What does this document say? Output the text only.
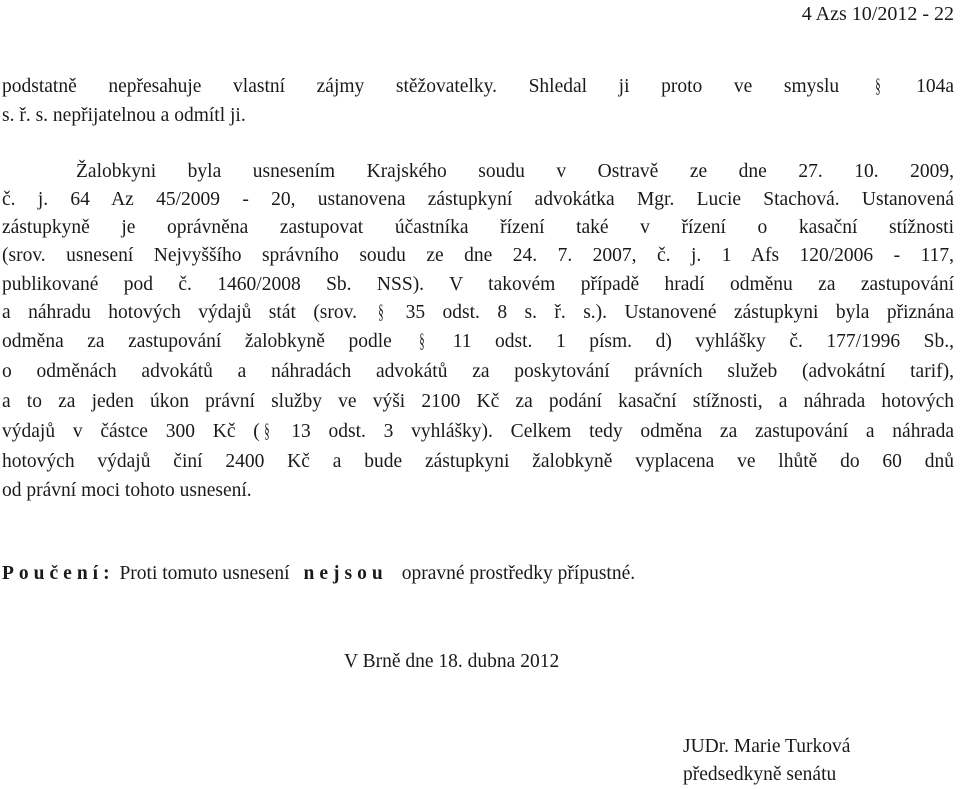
4 Azs 10/2012 - 22
podstatně nepřesahuje vlastní zájmy stěžovatelky. Shledal ji proto ve smyslu § 104a
s. ř. s. nepřijatelnou a odmítl ji.
Žalobkyni byla usnesením Krajského soudu v Ostravě ze dne 27. 10. 2009,
č. j. 64 Az 45/2009 - 20, ustanovena zástupkyní advokátka Mgr. Lucie Stachová. Ustanovená
zástupkyně je oprávněna zastupovat účastníka řízení také v řízení o kasační stížnosti
(srov. usnesení Nejvyššího správního soudu ze dne 24. 7. 2007, č. j. 1 Afs 120/2006 - 117,
publikované pod č. 1460/2008 Sb. NSS). V takovém případě hradí odměnu za zastupování
a náhradu hotových výdajů stát (srov. § 35 odst. 8 s. ř. s.). Ustanovené zástupkyni byla přiznána
odměna za zastupování žalobkyně podle § 11 odst. 1 písm. d) vyhlášky č. 177/1996 Sb.,
o odměnách advokátů a náhradách advokátů za poskytování právních služeb (advokátní tarif),
a to za jeden úkon právní služby ve výši 2100 Kč za podání kasační stížnosti, a náhrada hotových
výdajů v částce 300 Kč ( § 13 odst. 3 vyhlášky). Celkem tedy odměna za zastupování a náhrada
hotových výdajů činí 2400 Kč a bude zástupkyni žalobkyně vyplacena ve lhůtě do 60 dnů
od právní moci tohoto usnesení.
Poučení: Proti tomuto usnesení nejsou opravné prostředky přípustné.
V Brně dne 18. dubna 2012
JUDr. Marie Turková
předsedkyně senátu
